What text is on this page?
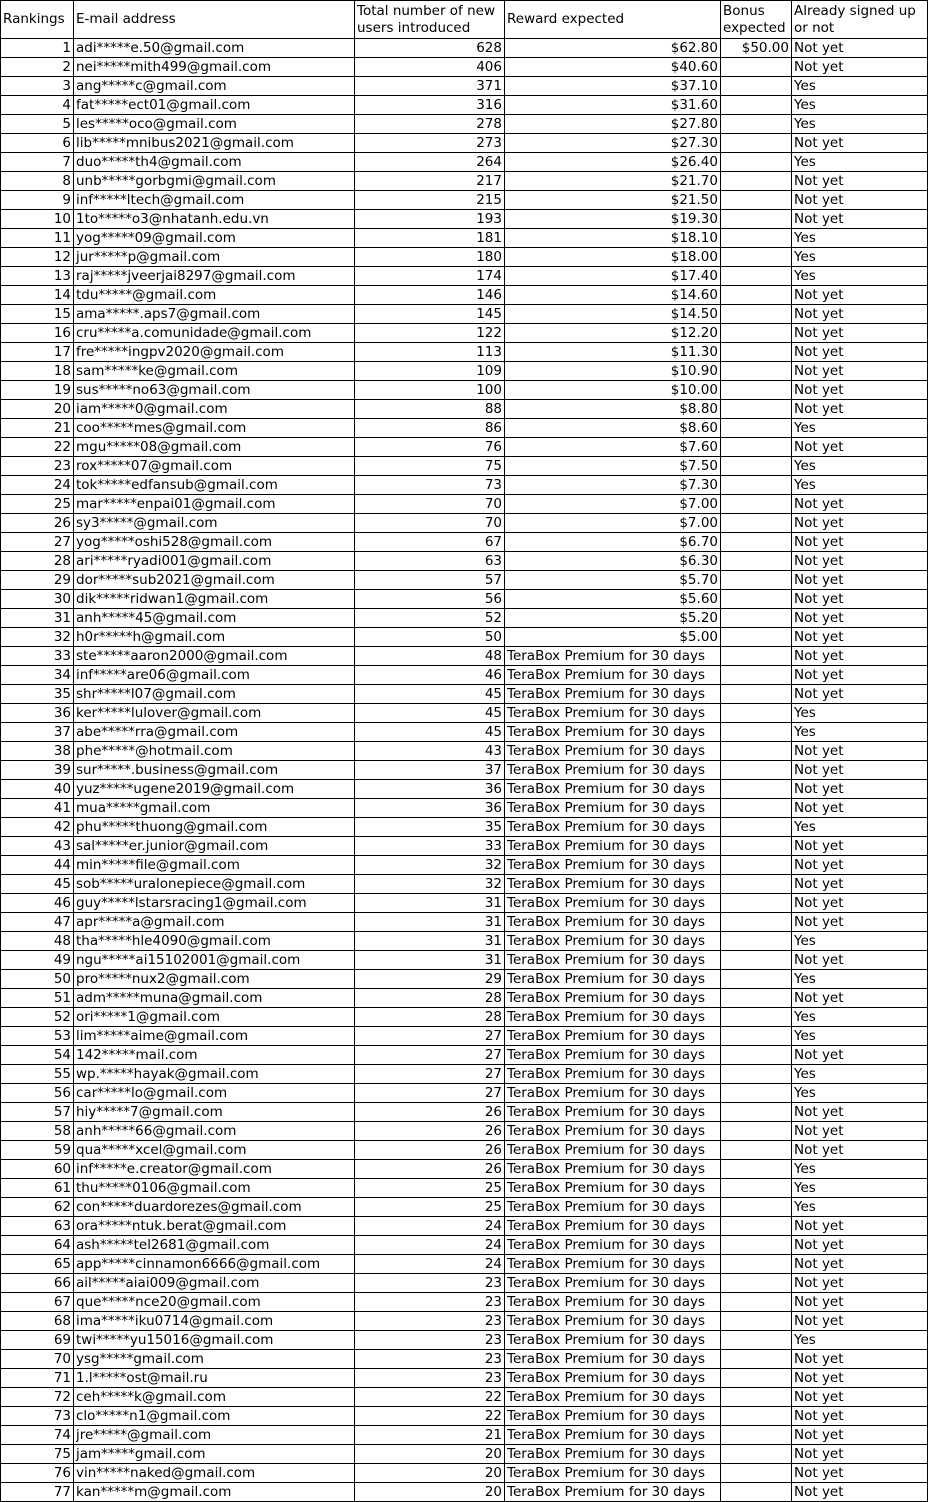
Rankings	E-mail address	Total number of new users introduced	Reward expected	Bonus expected	Already signed up or not
1	adi*****e.50@gmail.com	628	$62.80	$50.00	Not yet
2	nei*****mith499@gmail.com	406	$40.60		Not yet
3	ang*****c@gmail.com	371	$37.10		Yes
4	fat*****ect01@gmail.com	316	$31.60		Yes
5	les*****oco@gmail.com	278	$27.80		Yes
6	lib*****mnibus2021@gmail.com	273	$27.30		Not yet
7	duo*****th4@gmail.com	264	$26.40		Yes
8	unb*****gorbgmi@gmail.com	217	$21.70		Not yet
9	inf*****ltech@gmail.com	215	$21.50		Not yet
10	1to*****o3@nhatanh.edu.vn	193	$19.30		Not yet
11	yog*****09@gmail.com	181	$18.10		Yes
12	jur*****p@gmail.com	180	$18.00		Yes
13	raj*****jveerjai8297@gmail.com	174	$17.40		Yes
14	tdu*****@gmail.com	146	$14.60		Not yet
15	ama*****.aps7@gmail.com	145	$14.50		Not yet
16	cru*****a.comunidade@gmail.com	122	$12.20		Not yet
17	fre*****ingpv2020@gmail.com	113	$11.30		Not yet
18	sam*****ke@gmail.com	109	$10.90		Not yet
19	sus*****no63@gmail.com	100	$10.00		Not yet
20	iam*****0@gmail.com	88	$8.80		Not yet
21	coo*****mes@gmail.com	86	$8.60		Yes
22	mgu*****08@gmail.com	76	$7.60		Not yet
23	rox*****07@gmail.com	75	$7.50		Yes
24	tok*****edfansub@gmail.com	73	$7.30		Yes
25	mar*****enpai01@gmail.com	70	$7.00		Not yet
26	sy3*****@gmail.com	70	$7.00		Not yet
27	yog*****oshi528@gmail.com	67	$6.70		Not yet
28	ari*****ryadi001@gmail.com	63	$6.30		Not yet
29	dor*****sub2021@gmail.com	57	$5.70		Not yet
30	dik*****ridwan1@gmail.com	56	$5.60		Not yet
31	anh*****45@gmail.com	52	$5.20		Not yet
32	h0r*****h@gmail.com	50	$5.00		Not yet
33	ste*****aaron2000@gmail.com	48	TeraBox Premium for 30 days		Not yet
34	inf*****are06@gmail.com	46	TeraBox Premium for 30 days		Not yet
35	shr*****l07@gmail.com	45	TeraBox Premium for 30 days		Not yet
36	ker*****lulover@gmail.com	45	TeraBox Premium for 30 days		Yes
37	abe*****rra@gmail.com	45	TeraBox Premium for 30 days		Yes
38	phe*****@hotmail.com	43	TeraBox Premium for 30 days		Not yet
39	sur*****.business@gmail.com	37	TeraBox Premium for 30 days		Not yet
40	yuz*****ugene2019@gmail.com	36	TeraBox Premium for 30 days		Not yet
41	mua*****gmail.com	36	TeraBox Premium for 30 days		Not yet
42	phu*****thuong@gmail.com	35	TeraBox Premium for 30 days		Yes
43	sal*****er.junior@gmail.com	33	TeraBox Premium for 30 days		Not yet
44	min*****file@gmail.com	32	TeraBox Premium for 30 days		Not yet
45	sob*****uralonepiece@gmail.com	32	TeraBox Premium for 30 days		Not yet
46	guy*****lstarsracing1@gmail.com	31	TeraBox Premium for 30 days		Not yet
47	apr*****a@gmail.com	31	TeraBox Premium for 30 days		Not yet
48	tha*****hle4090@gmail.com	31	TeraBox Premium for 30 days		Yes
49	ngu*****ai15102001@gmail.com	31	TeraBox Premium for 30 days		Not yet
50	pro*****nux2@gmail.com	29	TeraBox Premium for 30 days		Yes
51	adm*****muna@gmail.com	28	TeraBox Premium for 30 days		Not yet
52	ori*****1@gmail.com	28	TeraBox Premium for 30 days		Yes
53	lim*****aime@gmail.com	27	TeraBox Premium for 30 days		Yes
54	142*****mail.com	27	TeraBox Premium for 30 days		Not yet
55	wp.*****hayak@gmail.com	27	TeraBox Premium for 30 days		Yes
56	car*****lo@gmail.com	27	TeraBox Premium for 30 days		Yes
57	hiy*****7@gmail.com	26	TeraBox Premium for 30 days		Not yet
58	anh*****66@gmail.com	26	TeraBox Premium for 30 days		Not yet
59	qua*****xcel@gmail.com	26	TeraBox Premium for 30 days		Not yet
60	inf*****e.creator@gmail.com	26	TeraBox Premium for 30 days		Yes
61	thu*****0106@gmail.com	25	TeraBox Premium for 30 days		Yes
62	con*****duardorezes@gmail.com	25	TeraBox Premium for 30 days		Yes
63	ora*****ntuk.berat@gmail.com	24	TeraBox Premium for 30 days		Not yet
64	ash*****tel2681@gmail.com	24	TeraBox Premium for 30 days		Not yet
65	app*****cinnamon6666@gmail.com	24	TeraBox Premium for 30 days		Not yet
66	ail*****aiai009@gmail.com	23	TeraBox Premium for 30 days		Not yet
67	que*****nce20@gmail.com	23	TeraBox Premium for 30 days		Not yet
68	ima*****iku0714@gmail.com	23	TeraBox Premium for 30 days		Not yet
69	twi*****yu15016@gmail.com	23	TeraBox Premium for 30 days		Yes
70	ysg*****gmail.com	23	TeraBox Premium for 30 days		Not yet
71	1.l*****ost@mail.ru	23	TeraBox Premium for 30 days		Not yet
72	ceh*****k@gmail.com	22	TeraBox Premium for 30 days		Not yet
73	clo*****n1@gmail.com	22	TeraBox Premium for 30 days		Not yet
74	jre*****@gmail.com	21	TeraBox Premium for 30 days		Not yet
75	jam*****gmail.com	20	TeraBox Premium for 30 days		Not yet
76	vin*****naked@gmail.com	20	TeraBox Premium for 30 days		Not yet
77	kan*****m@gmail.com	20	TeraBox Premium for 30 days		Not yet
